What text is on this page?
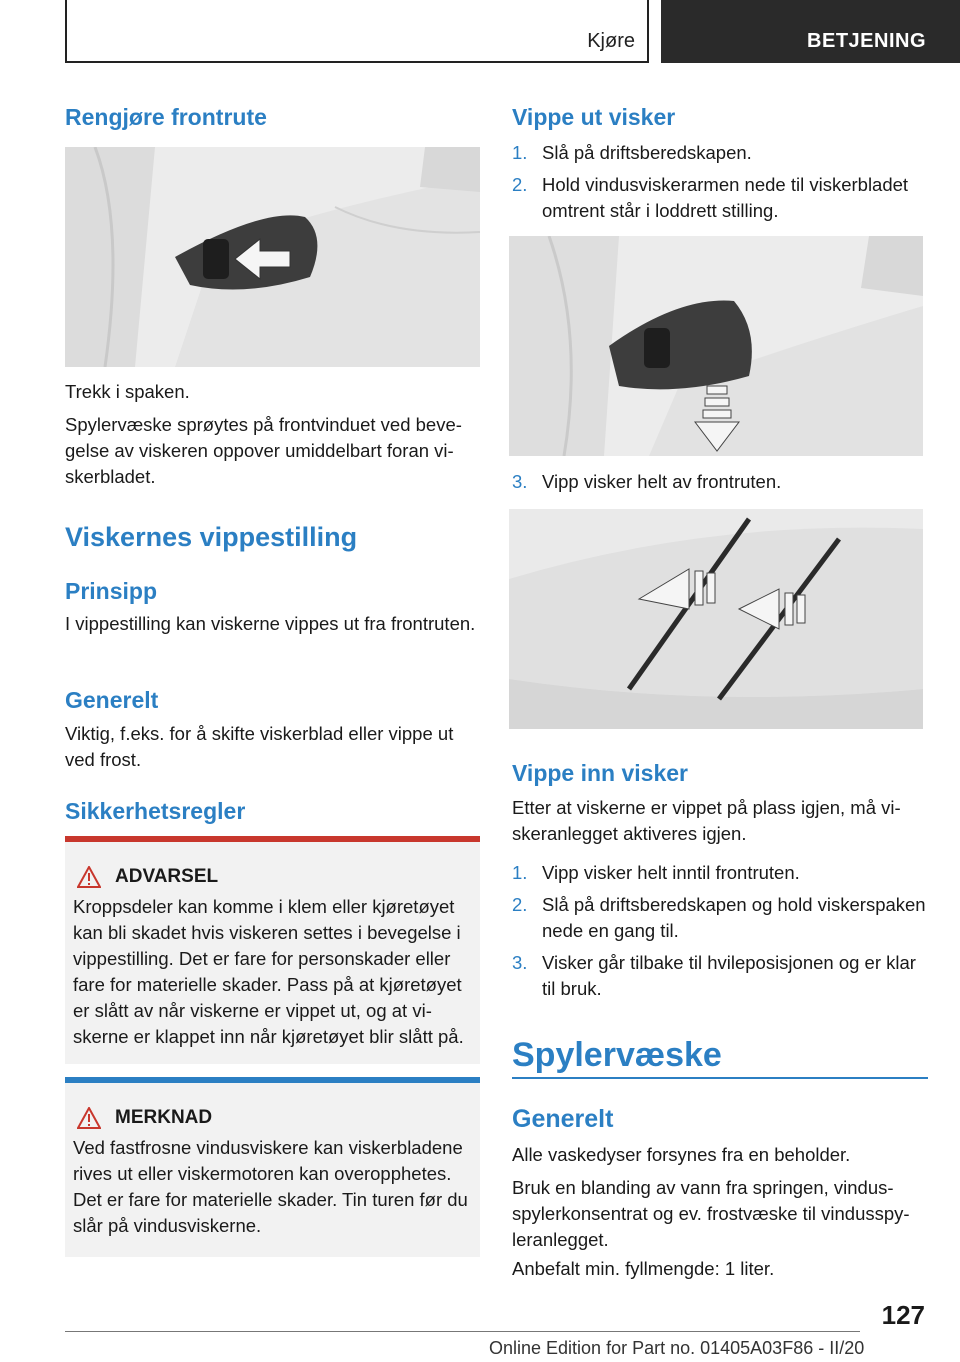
Kjøre	BETJENING
Rengjøre frontrute

Trekk i spaken.

Spylervæske sprøytes på frontvinduet ved bevegelse av viskeren oppover umiddelbart foran viskerbladet.

Viskernes vippestilling
Prinsipp

I vippestilling kan viskerne vippes ut fra frontruten.

Generelt

Viktig, f.eks. for å skifte viskerblad eller vippe ut ved frost.

Sikkerhetsregler
ADVARSEL
Kroppsdeler kan komme i klem eller kjøretøyet kan bli skadet hvis viskeren settes i bevegelse i vippestilling. Det er fare for personskader eller fare for materielle skader. Pass på at kjøretøyet er slått av når viskerne er vippet ut, og at viskerne er klappet inn når kjøretøyet blir slått på.
MERKNAD
Ved fastfrosne vindusviskere kan viskerbladene rives ut eller viskermotoren kan overopphetes. Det er fare for materielle skader. Tin turen før du slår på vindusviskerne.
Vippe ut visker
1. Slå på driftsberedskapen.
2. Hold vindusviskerarmen nede til viskerbladet omtrent står i loddrett stilling.
3. Vipp visker helt av frontruten.
Vippe inn visker

Etter at viskerne er vippet på plass igjen, må viskeranlegget aktiveres igjen.

1. Vipp visker helt inntil frontruten.
2. Slå på driftsberedskapen og hold viskerspaken nede en gang til.
3. Visker går tilbake til hvileposisjonen og er klar til bruk.
Spylervæske
Generelt

Alle vaskedyser forsynes fra en beholder.

Bruk en blanding av vann fra springen, vindusspylerkonsentrat og ev. frostvæske til vindusspyleranlegget.

Anbefalt min. fyllmengde: 1 liter.

127
Online Edition for Part no. 01405A03F86 - II/20
